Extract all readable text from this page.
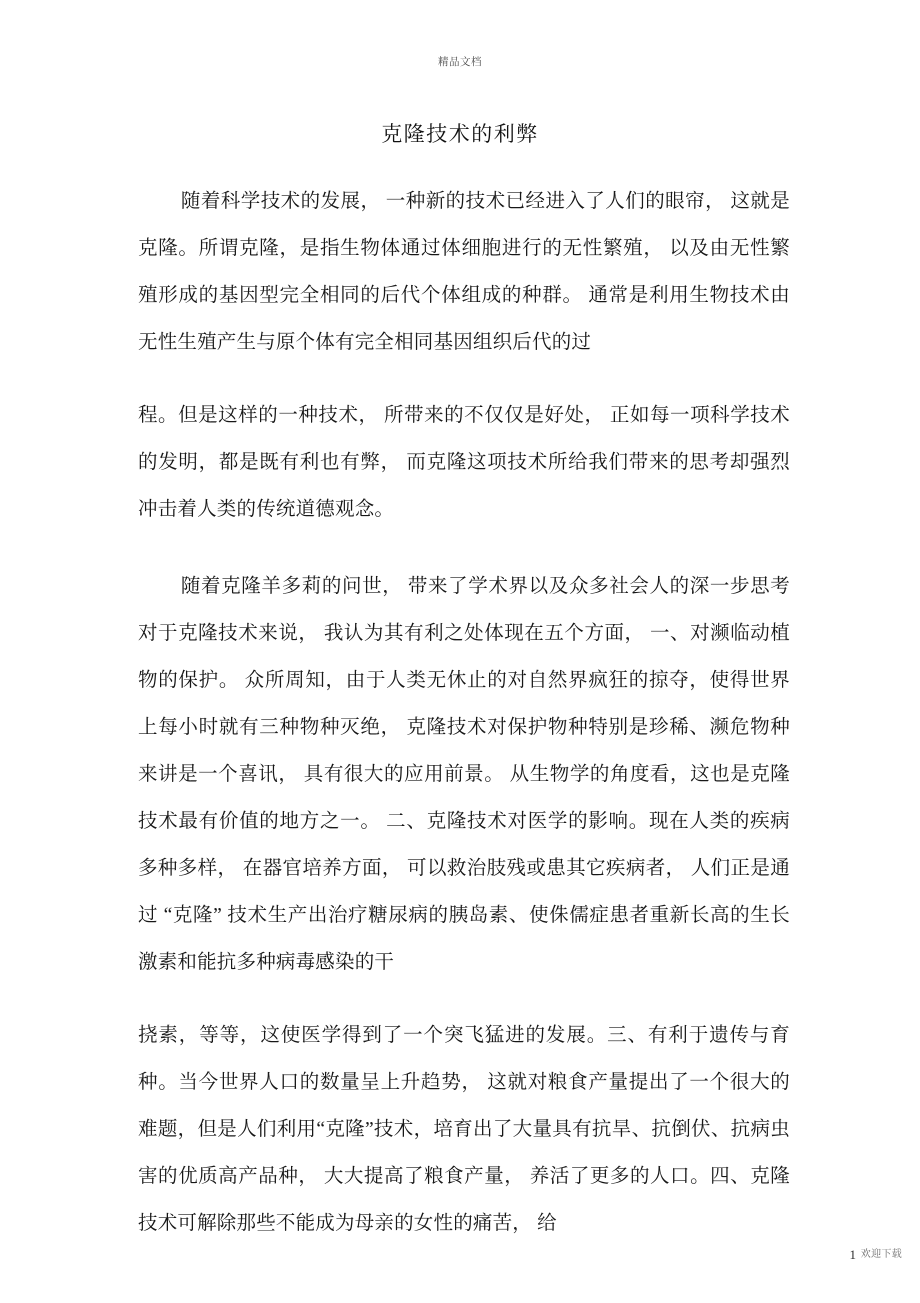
精品文档
克隆技术的利弊

随着科学技术的发展， 一种新的技术已经进入了人们的眼帘， 这就是克隆。所谓克隆，是指生物体通过体细胞进行的无性繁殖， 以及由无性繁殖形成的基因型完全相同的后代个体组成的种群。 通常是利用生物技术由无性生殖产生与原个体有完全相同基因组织后代的过

程。但是这样的一种技术， 所带来的不仅仅是好处， 正如每一项科学技术的发明，都是既有利也有弊， 而克隆这项技术所给我们带来的思考却强烈冲击着人类的传统道德观念。

随着克隆羊多莉的问世， 带来了学术界以及众多社会人的深一步思考对于克隆技术来说， 我认为其有利之处体现在五个方面， 一、对濒临动植物的保护。 众所周知，由于人类无休止的对自然界疯狂的掠夺，使得世界上每小时就有三种物种灭绝， 克隆技术对保护物种特别是珍稀、濒危物种来讲是一个喜讯， 具有很大的应用前景。 从生物学的角度看，这也是克隆技术最有价值的地方之一。 二、克隆技术对医学的影响。现在人类的疾病多种多样， 在器官培养方面， 可以救治肢残或患其它疾病者， 人们正是通过 “克隆” 技术生产出治疗糖尿病的胰岛素、使侏儒症患者重新长高的生长激素和能抗多种病毒感染的干

挠素，等等，这使医学得到了一个突飞猛进的发展。三、有利于遗传与育种。当今世界人口的数量呈上升趋势， 这就对粮食产量提出了一个很大的难题，但是人们利用“克隆”技术，培育出了大量具有抗旱、抗倒伏、抗病虫害的优质高产品种， 大大提高了粮食产量， 养活了更多的人口。四、克隆技术可解除那些不能成为母亲的女性的痛苦， 给

1 欢迎下载
